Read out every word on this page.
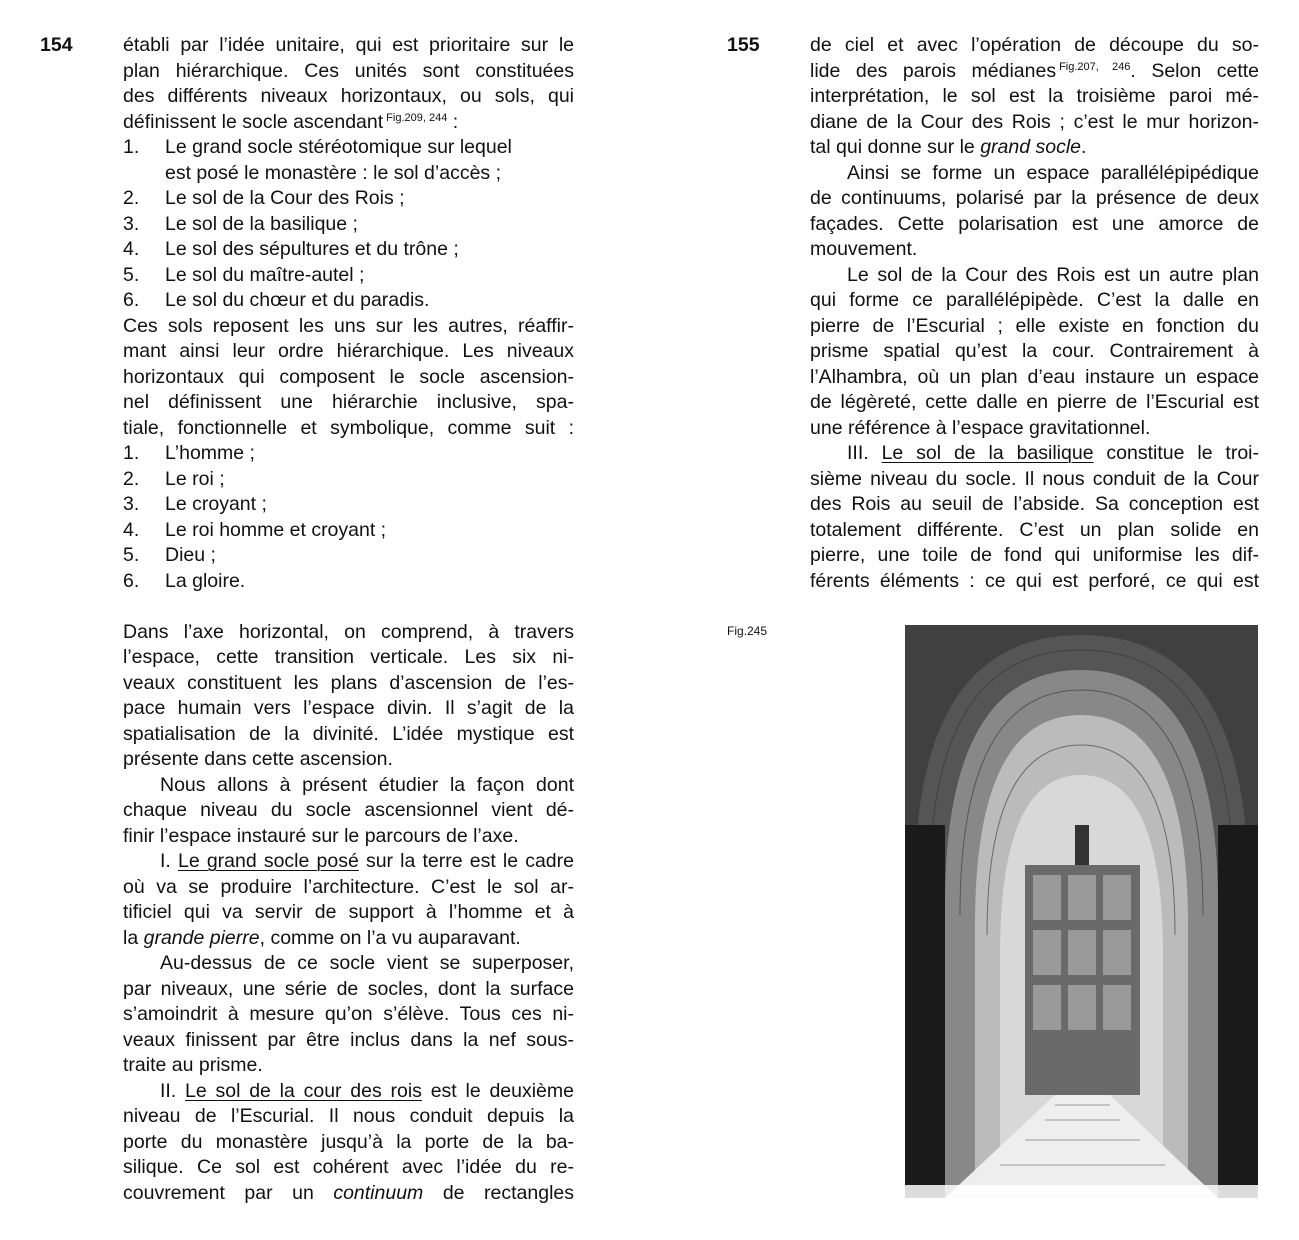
154	établi par l’idée unitaire, qui est prioritaire sur le
plan hiérarchique. Ces unités sont constituées
des différents niveaux horizontaux, ou sols, qui
définissent le socle ascendant $^{Fig.209, 244}$ :
1. Le grand socle stéréotomique sur lequel
est posé le monastère : le sol d’accès ;
2. Le sol de la Cour des Rois ;
3. Le sol de la basilique ;
4. Le sol des sépultures et du trône ;
5. Le sol du maître-autel ;
6. Le sol du chœur et du paradis.
Ces sols reposent les uns sur les autres, réaffir-
mant ainsi leur ordre hiérarchique. Les niveaux
horizontaux qui composent le socle ascension-
nel définissent une hiérarchie inclusive, spa-
tiale, fonctionnelle et symbolique, comme suit :
1. L’homme ;
2. Le roi ;
3. Le croyant ;
4. Le roi homme et croyant ;
5. Dieu ;
6. La gloire.
Dans l’axe horizontal, on comprend, à travers
l’espace, cette transition verticale. Les six ni-
veaux constituent les plans d’ascension de l’es-
pace humain vers l’espace divin. Il s’agit de la
spatialisation de la divinité. L’idée mystique est
présente dans cette ascension.
Nous allons à présent étudier la façon dont
chaque niveau du socle ascensionnel vient dé-
finir l’espace instauré sur le parcours de l’axe.
I. Le grand socle posé sur la terre est le cadre
où va se produire l’architecture. C’est le sol ar-
tificiel qui va servir de support à l’homme et à
la grande pierre, comme on l’a vu auparavant.
Au-dessus de ce socle vient se superposer,
par niveaux, une série de socles, dont la surface
s’amoindrit à mesure qu’on s’élève. Tous ces ni-
veaux finissent par être inclus dans la nef sous-
traite au prisme.
II. Le sol de la cour des rois est le deuxième
niveau de l’Escurial. Il nous conduit depuis la
porte du monastère jusqu’à la porte de la ba-
silique. Ce sol est cohérent avec l’idée du re-
couvrement par un continuum de rectangles
155	de ciel et avec l’opération de découpe du so-
lide des parois médianes $^{Fig.207, 246}$. Selon cette
interprétation, le sol est la troisième paroi mé-
diane de la Cour des Rois ; c’est le mur horizon-
tal qui donne sur le grand socle.
Ainsi se forme un espace parallélépipédique
de continuums, polarisé par la présence de deux
façades. Cette polarisation est une amorce de
mouvement.
Le sol de la Cour des Rois est un autre plan
qui forme ce parallélépipède. C’est la dalle en
pierre de l’Escurial ; elle existe en fonction du
prisme spatial qu’est la cour. Contrairement à
l’Alhambra, où un plan d’eau instaure un espace
de légèreté, cette dalle en pierre de l’Escurial est
une référence à l’espace gravitationnel.
III. Le sol de la basilique constitue le troi-
sième niveau du socle. Il nous conduit de la Cour
des Rois au seuil de l’abside. Sa conception est
totalement différente. C’est un plan solide en
pierre, une toile de fond qui uniformise les dif-
férents éléments : ce qui est perforé, ce qui est
Fig.245
